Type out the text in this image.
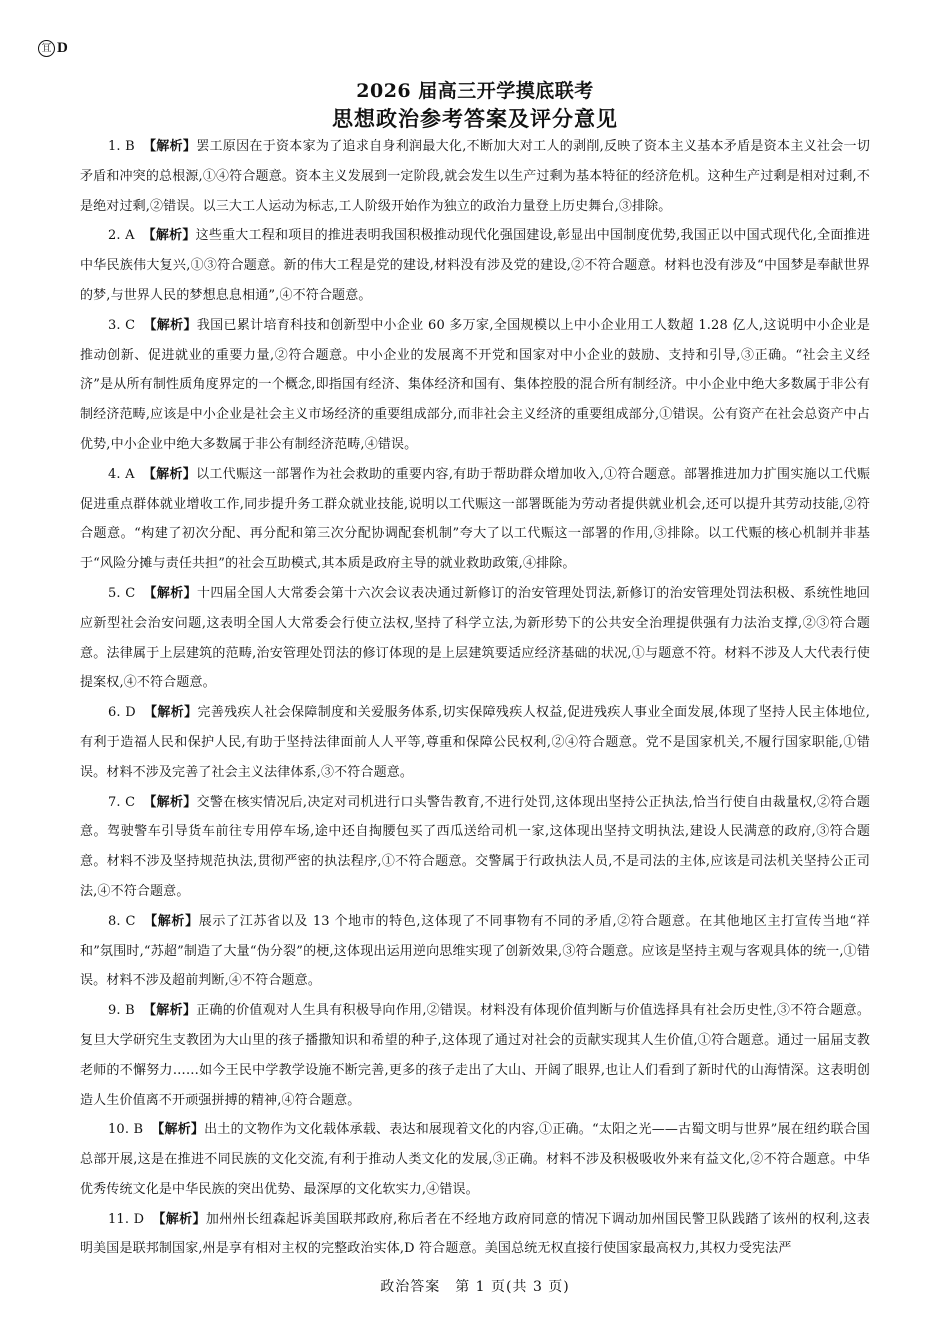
冝 D
2026 届高三开学摸底联考
思想政治参考答案及评分意见

1. B 【解析】罢工原因在于资本家为了追求自身利润最大化,不断加大对工人的剥削,反映了资本主义基本矛盾是资本主义社会一切矛盾和冲突的总根源,①④符合题意。资本主义发展到一定阶段,就会发生以生产过剩为基本特征的经济危机。这种生产过剩是相对过剩,不是绝对过剩,②错误。以三大工人运动为标志,工人阶级开始作为独立的政治力量登上历史舞台,③排除。

2. A 【解析】这些重大工程和项目的推进表明我国积极推动现代化强国建设,彰显出中国制度优势,我国正以中国式现代化,全面推进中华民族伟大复兴,①③符合题意。新的伟大工程是党的建设,材料没有涉及党的建设,②不符合题意。材料也没有涉及“中国梦是奉献世界的梦,与世界人民的梦想息息相通”,④不符合题意。

3. C 【解析】我国已累计培育科技和创新型中小企业 60 多万家,全国规模以上中小企业用工人数超 1.28 亿人,这说明中小企业是推动创新、促进就业的重要力量,②符合题意。中小企业的发展离不开党和国家对中小企业的鼓励、支持和引导,③正确。“社会主义经济”是从所有制性质角度界定的一个概念,即指国有经济、集体经济和国有、集体控股的混合所有制经济。中小企业中绝大多数属于非公有制经济范畴,应该是中小企业是社会主义市场经济的重要组成部分,而非社会主义经济的重要组成部分,①错误。公有资产在社会总资产中占优势,中小企业中绝大多数属于非公有制经济范畴,④错误。

4. A 【解析】以工代赈这一部署作为社会救助的重要内容,有助于帮助群众增加收入,①符合题意。部署推进加力扩围实施以工代赈促进重点群体就业增收工作,同步提升务工群众就业技能,说明以工代赈这一部署既能为劳动者提供就业机会,还可以提升其劳动技能,②符合题意。“构建了初次分配、再分配和第三次分配协调配套机制”夸大了以工代赈这一部署的作用,③排除。以工代赈的核心机制并非基于“风险分摊与责任共担”的社会互助模式,其本质是政府主导的就业救助政策,④排除。

5. C 【解析】十四届全国人大常委会第十六次会议表决通过新修订的治安管理处罚法,新修订的治安管理处罚法积极、系统性地回应新型社会治安问题,这表明全国人大常委会行使立法权,坚持了科学立法,为新形势下的公共安全治理提供强有力法治支撑,②③符合题意。法律属于上层建筑的范畴,治安管理处罚法的修订体现的是上层建筑要适应经济基础的状况,①与题意不符。材料不涉及人大代表行使提案权,④不符合题意。

6. D 【解析】完善残疾人社会保障制度和关爱服务体系,切实保障残疾人权益,促进残疾人事业全面发展,体现了坚持人民主体地位,有利于造福人民和保护人民,有助于坚持法律面前人人平等,尊重和保障公民权利,②④符合题意。党不是国家机关,不履行国家职能,①错误。材料不涉及完善了社会主义法律体系,③不符合题意。

7. C 【解析】交警在核实情况后,决定对司机进行口头警告教育,不进行处罚,这体现出坚持公正执法,恰当行使自由裁量权,②符合题意。驾驶警车引导货车前往专用停车场,途中还自掏腰包买了西瓜送给司机一家,这体现出坚持文明执法,建设人民满意的政府,③符合题意。材料不涉及坚持规范执法,贯彻严密的执法程序,①不符合题意。交警属于行政执法人员,不是司法的主体,应该是司法机关坚持公正司法,④不符合题意。

8. C 【解析】展示了江苏省以及 13 个地市的特色,这体现了不同事物有不同的矛盾,②符合题意。在其他地区主打宣传当地“祥和”氛围时,“苏超”制造了大量“伪分裂”的梗,这体现出运用逆向思维实现了创新效果,③符合题意。应该是坚持主观与客观具体的统一,①错误。材料不涉及超前判断,④不符合题意。

9. B 【解析】正确的价值观对人生具有积极导向作用,②错误。材料没有体现价值判断与价值选择具有社会历史性,③不符合题意。复旦大学研究生支教团为大山里的孩子播撒知识和希望的种子,这体现了通过对社会的贡献实现其人生价值,①符合题意。通过一届届支教老师的不懈努力……如今王民中学教学设施不断完善,更多的孩子走出了大山、开阔了眼界,也让人们看到了新时代的山海情深。这表明创造人生价值离不开顽强拼搏的精神,④符合题意。

10. B 【解析】出土的文物作为文化载体承载、表达和展现着文化的内容,①正确。“太阳之光——古蜀文明与世界”展在纽约联合国总部开展,这是在推进不同民族的文化交流,有利于推动人类文化的发展,③正确。材料不涉及积极吸收外来有益文化,②不符合题意。中华优秀传统文化是中华民族的突出优势、最深厚的文化软实力,④错误。

11. D 【解析】加州州长纽森起诉美国联邦政府,称后者在不经地方政府同意的情况下调动加州国民警卫队践踏了该州的权利,这表明美国是联邦制国家,州是享有相对主权的完整政治实体,D 符合题意。美国总统无权直接行使国家最高权力,其权力受宪法严

政治答案　第 1 页(共 3 页)
